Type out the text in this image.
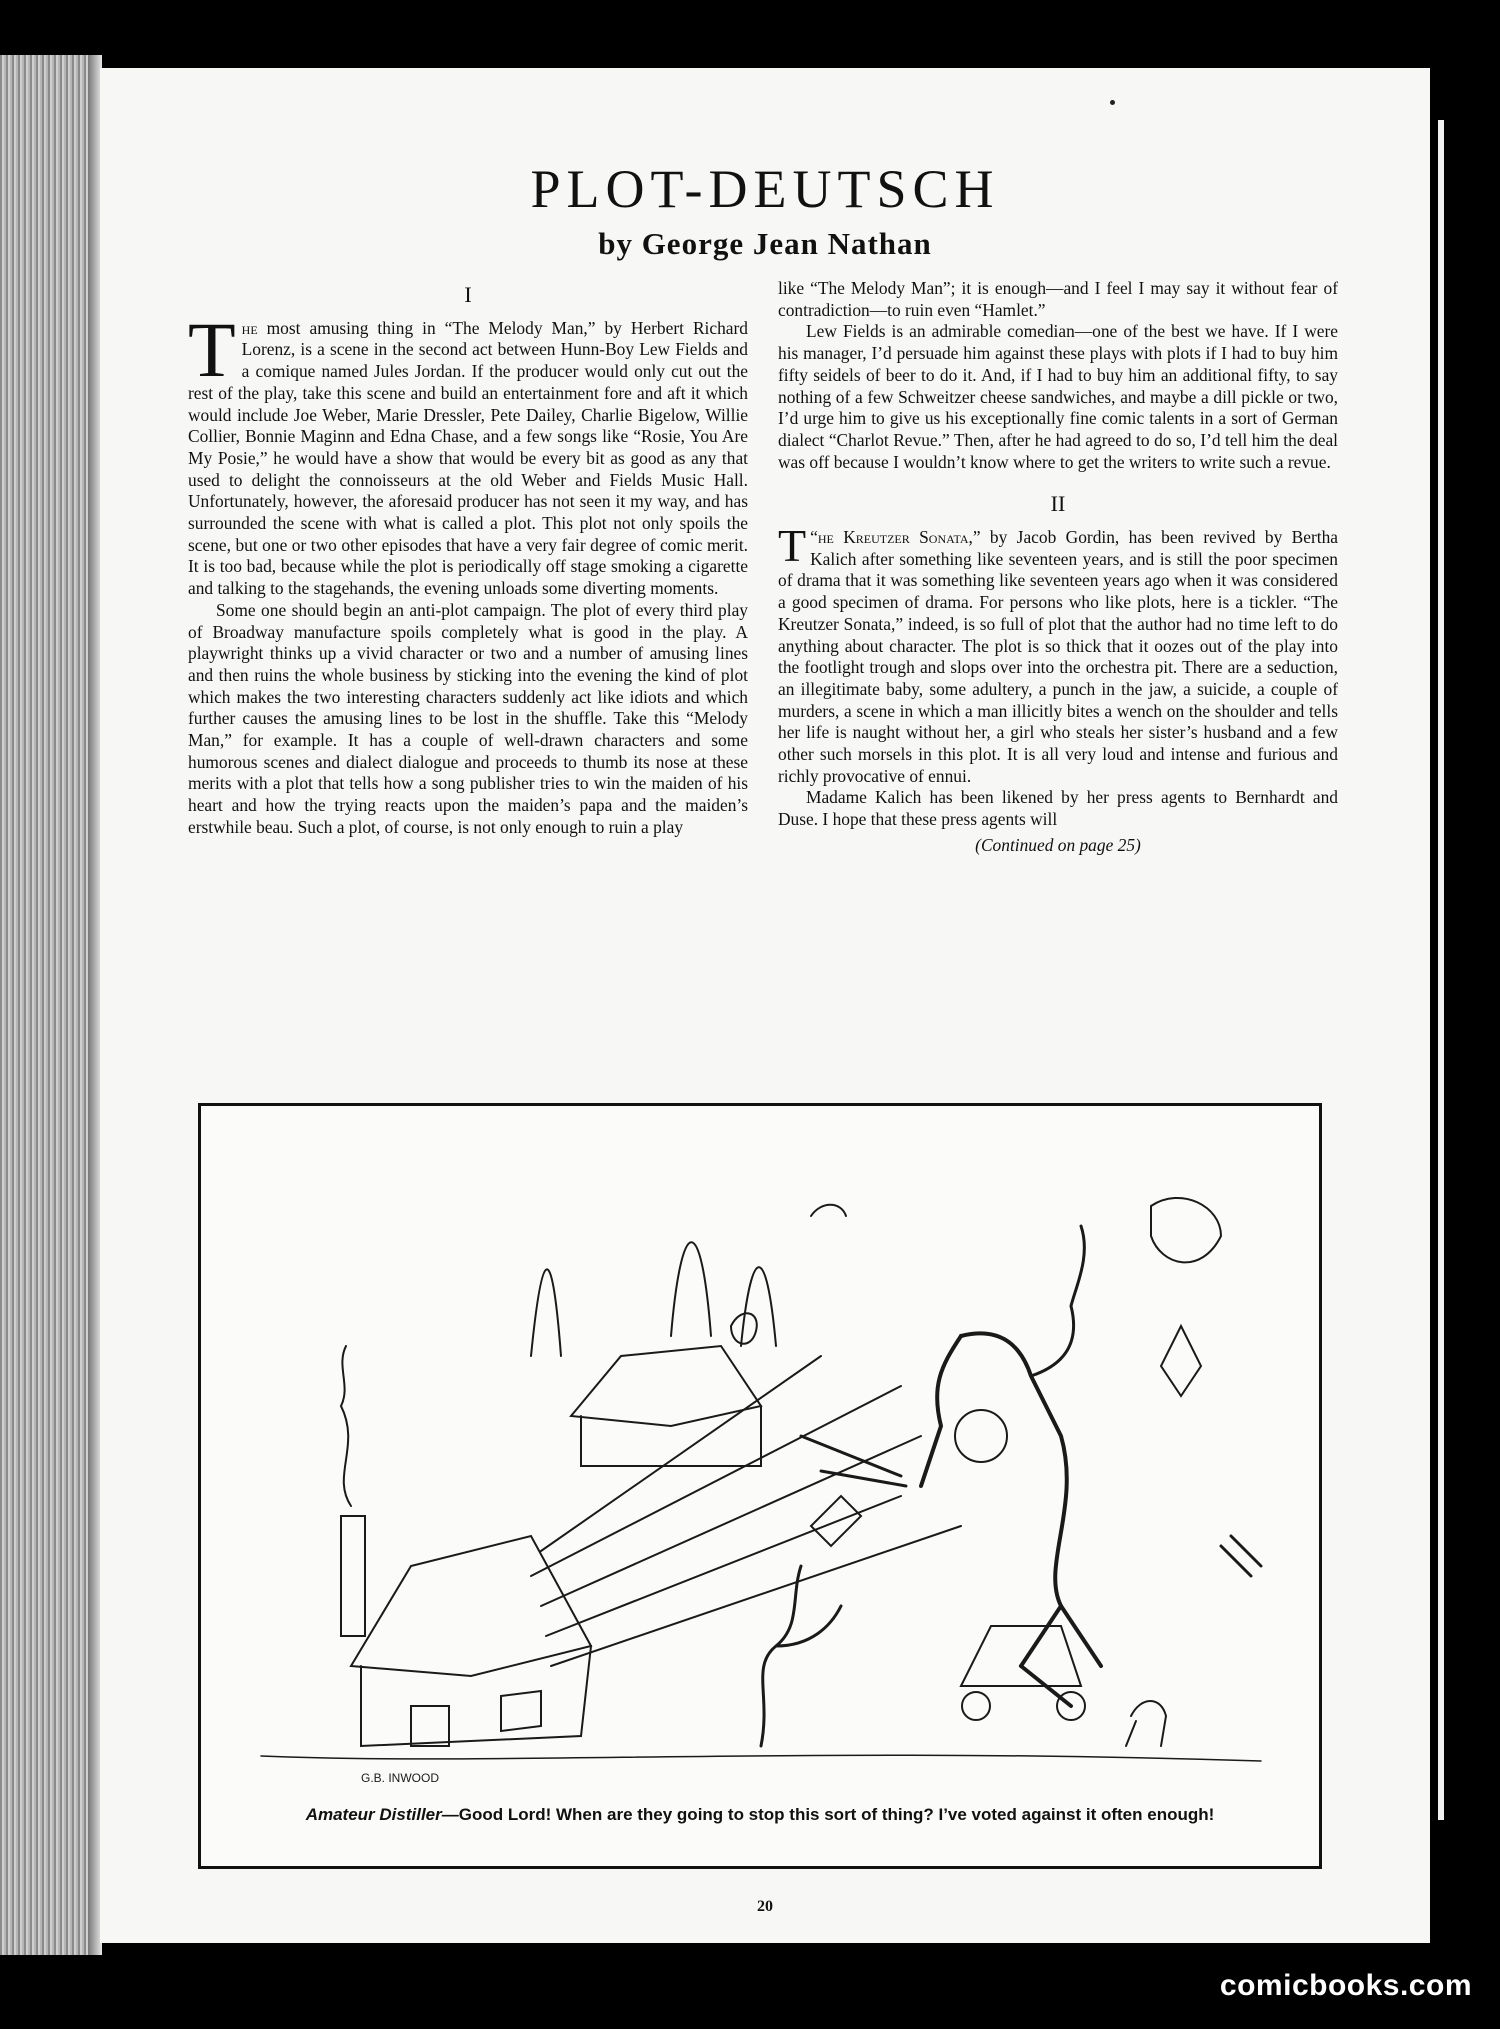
PLOT-DEUTSCH
by George Jean Nathan
I

The most amusing thing in “The Melody Man,” by Herbert Richard Lorenz, is a scene in the second act between Hunn-Boy Lew Fields and a comique named Jules Jordan. If the producer would only cut out the rest of the play, take this scene and build an entertainment fore and aft it which would include Joe Weber, Marie Dressler, Pete Dailey, Charlie Bigelow, Willie Collier, Bonnie Maginn and Edna Chase, and a few songs like “Rosie, You Are My Posie,” he would have a show that would be every bit as good as any that used to delight the connoisseurs at the old Weber and Fields Music Hall. Unfortunately, however, the aforesaid producer has not seen it my way, and has surrounded the scene with what is called a plot. This plot not only spoils the scene, but one or two other episodes that have a very fair degree of comic merit. It is too bad, because while the plot is periodically off stage smoking a cigarette and talking to the stagehands, the evening unloads some diverting moments.

Some one should begin an anti-plot campaign. The plot of every third play of Broadway manufacture spoils completely what is good in the play. A playwright thinks up a vivid character or two and a number of amusing lines and then ruins the whole business by sticking into the evening the kind of plot which makes the two interesting characters suddenly act like idiots and which further causes the amusing lines to be lost in the shuffle. Take this “Melody Man,” for example. It has a couple of well-drawn characters and some humorous scenes and dialect dialogue and proceeds to thumb its nose at these merits with a plot that tells how a song publisher tries to win the maiden of his heart and how the trying reacts upon the maiden’s papa and the maiden’s erstwhile beau. Such a plot, of course, is not only enough to ruin a play

like “The Melody Man”; it is enough—and I feel I may say it without fear of contradiction—to ruin even “Hamlet.”

Lew Fields is an admirable comedian—one of the best we have. If I were his manager, I’d persuade him against these plays with plots if I had to buy him fifty seidels of beer to do it. And, if I had to buy him an additional fifty, to say nothing of a few Schweitzer cheese sandwiches, and maybe a dill pickle or two, I’d urge him to give us his exceptionally fine comic talents in a sort of German dialect “Charlot Revue.” Then, after he had agreed to do so, I’d tell him the deal was off because I wouldn’t know where to get the writers to write such a revue.

II

“
T he Kreutzer Sonata,” by Jacob Gordin, has been revived by Bertha Kalich after something like seventeen years, and is still the poor specimen of drama that it was something like seventeen years ago when it was considered a good specimen of drama. For persons who like plots, here is a tickler. “The Kreutzer Sonata,” indeed, is so full of plot that the author had no time left to do anything about character. The plot is so thick that it oozes out of the play into the footlight trough and slops over into the orchestra pit. There are a seduction, an illegitimate baby, some adultery, a punch in the jaw, a suicide, a couple of murders, a scene in which a man illicitly bites a wench on the shoulder and tells her life is naught without her, a girl who steals her sister’s husband and a few other such morsels in this plot. It is all very loud and intense and furious and richly provocative of ennui.

Madame Kalich has been likened by her press agents to Bernhardt and Duse. I hope that these press agents will

(Continued on page 25)

G.B. INWOOD
Amateur Distiller—Good Lord! When are they going to stop this sort of thing? I’ve voted against it often enough!
20
comicbooks.com
